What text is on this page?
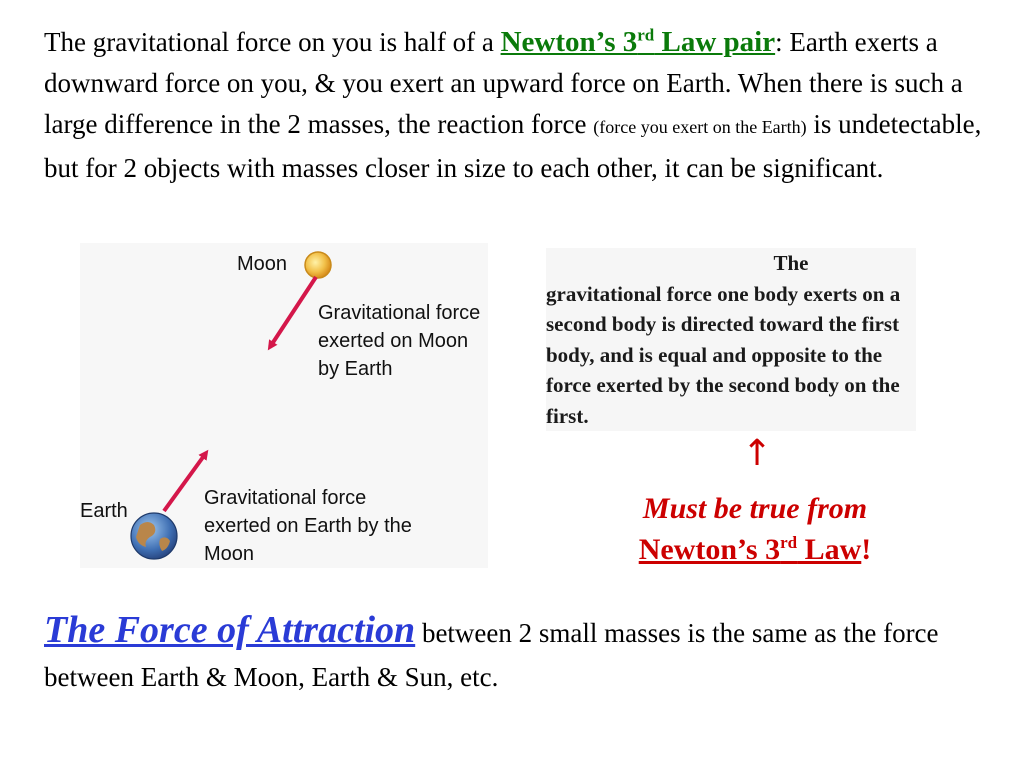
The gravitational force on you is half of a Newton’s 3rd Law pair: Earth exerts a downward force on you, & you exert an upward force on Earth. When there is such a large difference in the 2 masses, the reaction force (force you exert on the Earth) is undetectable, but for 2 objects with masses closer in size to each other, it can be significant.

Moon

Gravitational force exerted on Moon by Earth

Earth

Gravitational force exerted on Earth by the Moon

The
gravitational force one body exerts on a second body is directed toward the first body, and is equal and opposite to the force exerted by the second body on the first.
↑
Must be true from
Newton’s 3rd Law!

The Force of Attraction between 2 small masses is the same as the force between Earth & Moon, Earth & Sun, etc.
